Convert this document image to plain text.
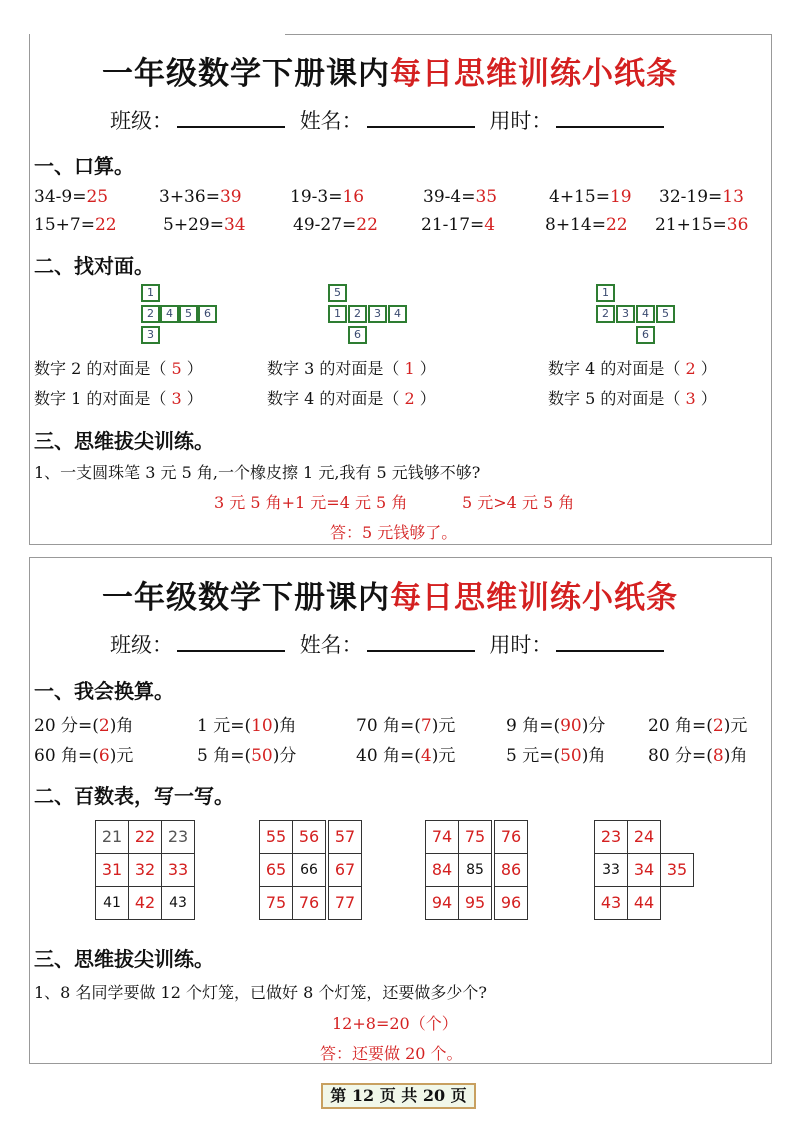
一年级数学下册课内每日思维训练小纸条
班级：	姓名：	用时：
一、口算。
34-9=25	3+36=39	19-3=16	39-4=35	4+15=19 32-19=13
15+7=22	5+29=34	49-27=22	21-17=4	8+14=22 21+15=36
二、找对面。
1
2	4	5	6
3
5
1	2	3	4
6
1
2	3	4	5
6
数字 2 的对面是（ 5 ）	数字 3 的对面是（ 1 ）	数字 4 的对面是（ 2 ）
数字 1 的对面是（ 3 ）	数字 4 的对面是（ 2 ）	数字 5 的对面是（ 3 ）
三、思维拔尖训练。
1、一支圆珠笔 3 元 5 角,一个橡皮擦 1 元,我有 5 元钱够不够?
3 元 5 角+1 元=4 元 5 角	5 元>4 元 5 角
答：5 元钱够了。
一年级数学下册课内每日思维训练小纸条
班级：	姓名：	用时：
一、我会换算。
20 分=(2)角	1 元=(10)角	70 角=(7)元	9 角=(90)分	20 角=(2)元
60 角=(6)元	5 角=(50)分	40 角=(4)元	5 元=(50)角	80 分=(8)角
二、百数表，写一写。
21 22 23
31 32 33
41 42 43
55 56 57
65 66	67
75 76 77
74 75 76
84 85	86
94 95 96
23 24
33 34 35
43 44
三、思维拔尖训练。
1、8 名同学要做 12 个灯笼，已做好 8 个灯笼，还要做多少个?
12+8=20（个）
答：还要做 20 个。
第 12 页 共 20 页
